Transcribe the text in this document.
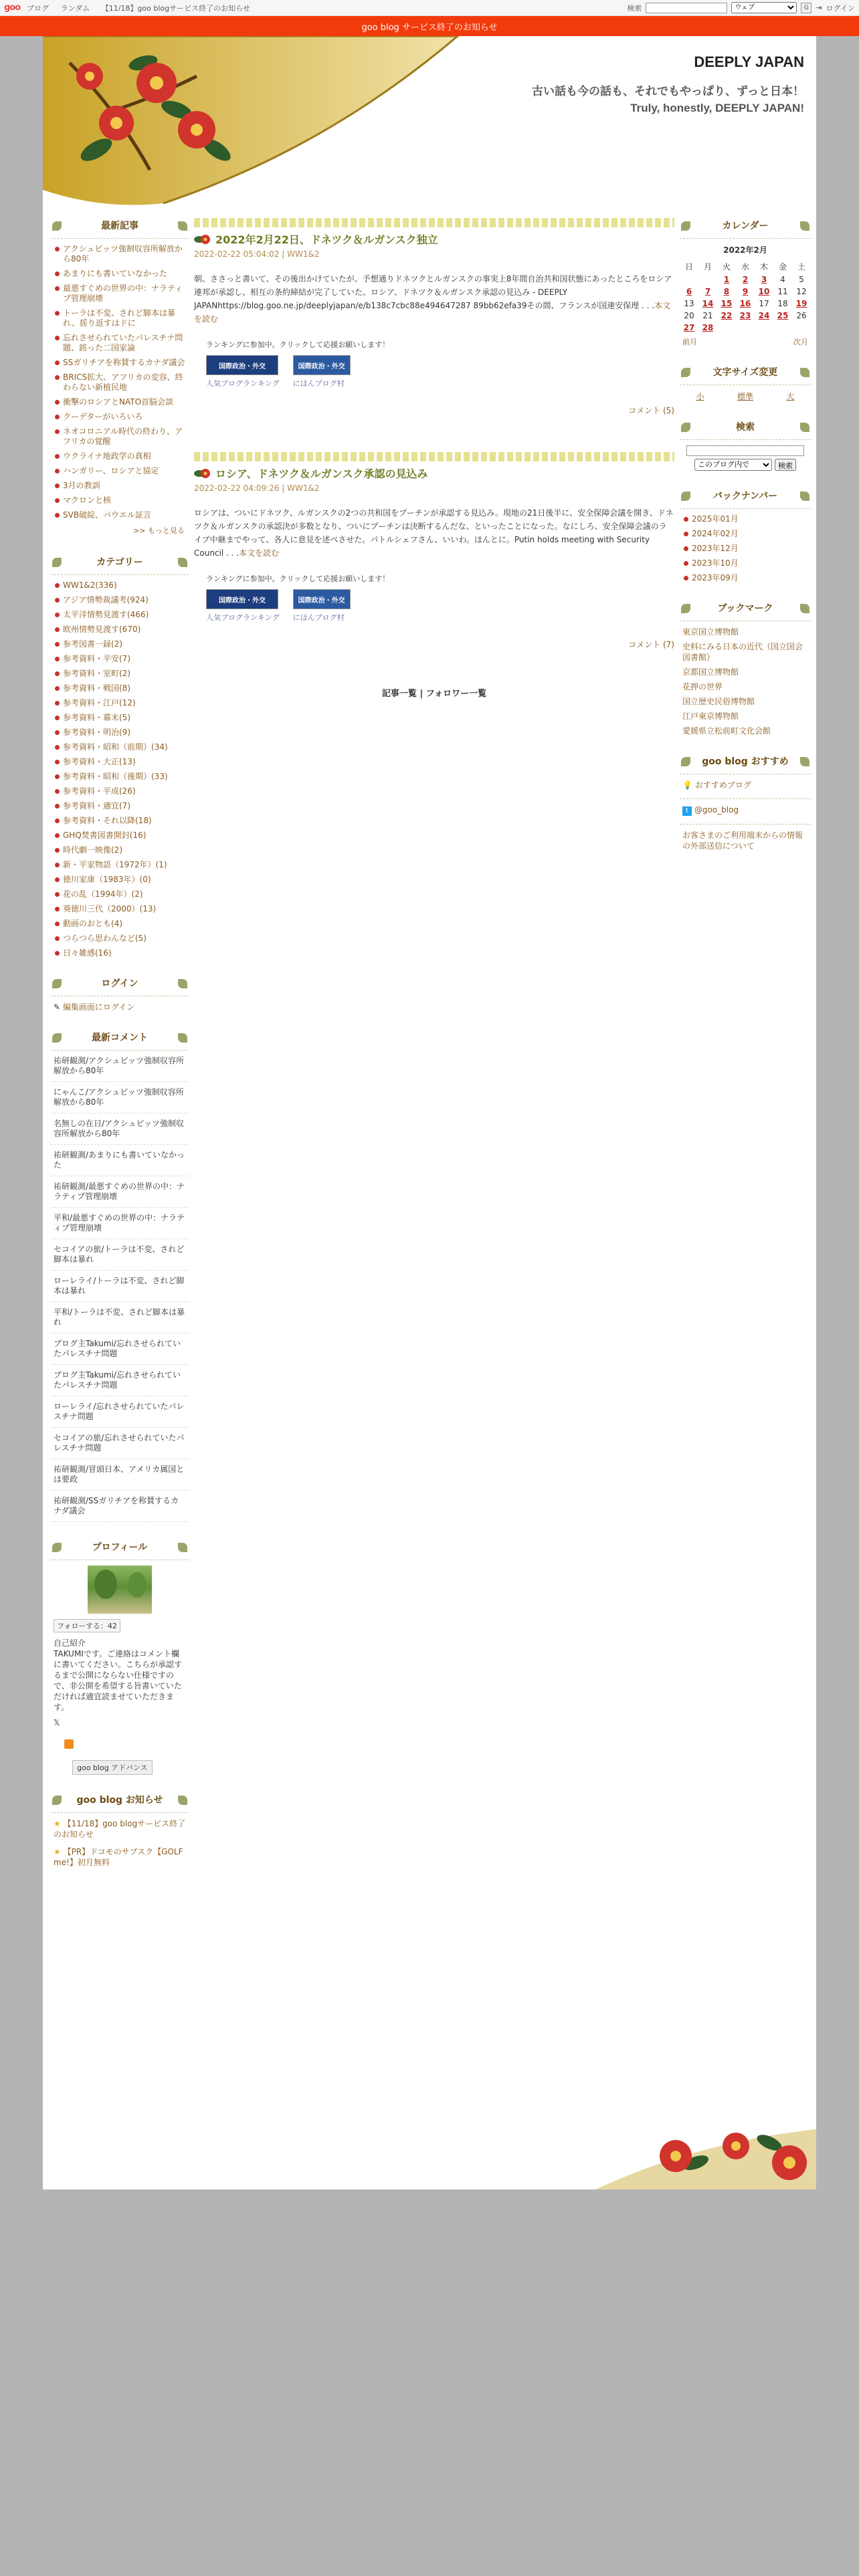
goo ブログ ランダム 【11/18】goo blogサービス終了のお知らせ	検索
ウェブ	G ⇥ ログイン
goo blog サービス終了のお知らせ
DEEPLY JAPAN
古い話も今の話も、それでもやっぱり、ずっと日本！
Truly, honestly, DEEPLY JAPAN!
最新記事
アクシュビッツ強制収容所解放から80年
あまりにも書いていなかった
最悪すぐめの世界の中：ナラティブ管理崩壊
トーラは不変、されど脚本は暴れ、揺り返すはドに
忘れさせられていたパレスチナ問題、銘った二国家論
SSガリチアを称賛するカナダ議会
BRICS拡大、アフリカの変容、終わらない新植民地
衝撃のロシアとNATO首脳会談
クーデターがいろいろ
ネオコロニアル時代の終わり、アフリカの覚醒
ウクライナ地政学の真相
ハンガリー、ロシアと協定
3月の教訓
マクロンと核
SVB破綻、パウエル証言
>> もっと見る
カテゴリー
WW1&2(336)
アジア情勢裁議考(924)
太平洋情勢見渡す(466)
欧州情勢見渡す(670)
参考図書一録(2)
参考資料・平安(7)
参考資料・室町(2)
参考資料・戦国(8)
参考資料・江戸(12)
参考資料・幕末(5)
参考資料・明治(9)
参考資料・昭和（前期）(34)
参考資料・大正(13)
参考資料・昭和（後期）(33)
参考資料・平成(26)
参考資料・適宜(7)
参考資料・それ以降(18)
GHQ焚書図書開封(16)
時代劇一映像(2)
新・平家物語（1972年）(1)
徳川家康（1983年）(0)
花の乱（1994年）(2)
葵徳川三代（2000）(13)
動画のおとも(4)
つらつら思わんなど(5)
日々雑感(16)
ログイン
✎ 編集画面にログイン
最新コメント
祐研観測/アクシュビッツ強制収容所解放から80年
にゃんこ/アクシュビッツ強制収容所解放から80年
名無しの在日/アクシュビッツ強制収容所解放から80年
祐研観測/あまりにも書いていなかった
祐研観測/最悪すぐめの世界の中：ナラティブ管理崩壊
平和/最悪すぐめの世界の中：ナラティブ管理崩壊
セコイアの旅/トーラは不変、されど脚本は暴れ
ローレライ/トーラは不変、されど脚本は暴れ
平和/トーラは不変、されど脚本は暴れ
ブログ主Takumi/忘れさせられていたパレスチナ問題
ブログ主Takumi/忘れさせられていたパレスチナ問題
ローレライ/忘れさせられていたパレスチナ問題
セコイアの旅/忘れさせられていたパレスチナ問題
祐研観測/冒頭日本、アメリカ属国とは要政
祐研観測/SSガリチアを称賛するカナダ議会
プロフィール
フォローする：42
自己紹介
TAKUMIです。ご連絡はコメント欄に書いてください。こちらが承認するまで公開にならない仕様ですので、非公開を希望する旨書いていただければ適宜読ませていただきます。
𝕏
goo blog アドバンス
goo blog お知らせ
★ 【11/18】goo blogサービス終了のお知らせ
★ 【PR】ドコモのサブスク【GOLF me!】初月無料
2022年2月22日、ドネツク＆ルガンスク独立
2022-02-22 05:04:02 | WW1&2
朝、ささっと書いて、その後出かけていたが、予想通りドネツクとルガンスクの事実上8年間自治共和国状態にあったところをロシア連邦が承認し、相互の条約締結が完了していた。ロシア、ドネツク＆ルガンスク承認の見込み - DEEPLY JAPANhttps://blog.goo.ne.jp/deeplyjapan/e/b138c7cbc88e494647287 89bb62efa39その間、フランスが国連安保理 . . .本文を読む
ランキングに参加中。クリックして応援お願いします！
国際政治・外交
人気ブログランキング
国際政治・外交
にほんブログ村
コメント (5)
ロシア、ドネツク＆ルガンスク承認の見込み
2022-02-22 04:09:26 | WW1&2
ロシアは、ついにドネツク、ルガンスクの2つの共和国をプーチンが承認する見込み。現地の21日後半に、安全保障会議を開き、ドネツク＆ルガンスクの承認決が多数となり、ついにプーチンは決断するんだな、といったことになった。なにしろ、安全保障会議のライブ中継までやって、各人に意見を述べさせた。パトルシェフさん、いいわ。ほんとに。Putin holds meeting with Security Council . . .本文を読む
ランキングに参加中。クリックして応援お願いします！
国際政治・外交
人気ブログランキング
国際政治・外交
にほんブログ村
コメント (7)
記事一覧 | フォロワー一覧
カレンダー
2022年2月
日	月	火	水	木	金	土
		1	2	3	4	5
6	7	8	9	10	11	12
13	14	15	16	17	18	19
20	21	22	23	24	25	26
27	28					
前月	次月
文字サイズ変更
小	標準	大
検索
このブログ内で
検索
バックナンバー
2025年01月
2024年02月
2023年12月
2023年10月
2023年09月
ブックマーク
東京国立博物館
史料にみる日本の近代（国立国会図書館）
京都国立博物館
花押の世界
国立歴史民俗博物館
江戸東京博物館
愛媛県立松前町文化会館
goo blog おすすめ
💡 おすすめブログ
t @goo_blog
お客さまのご利用端末からの情報の外部送信について
